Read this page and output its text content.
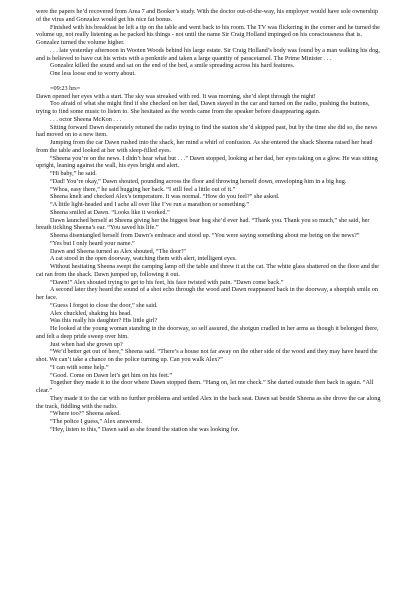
were the papers he’d recovered from Area 7 and Booker’s study. With the doctor out-of-the-way, his employer would have sole ownership of the virus and Gonzalez would get his nice fat bonus.

Finished with his breakfast he left a tip on the table and went back to his room. The TV was flickering in the corner and he turned the volume up, not really listening as he packed his things - not until the name Sir Craig Holland impinged on his consciousness that is. Gonzalez turned the volume higher.

. . . late yesterday afternoon in Wooten Woods behind his large estate. Sir Craig Holland’s body was found by a man walking his dog, and is believed to have cut his wrists with a penknife and taken a large quantity of paracetamol. The Prime Minister . . .

Gonzalez killed the sound and sat on the end of the bed, a smile spreading across his hard features.

One less loose end to worry about.

=09:23 hrs=

Dawn opened her eyes with a start. The sky was streaked with red. It was morning, she’d slept through the night!

Too afraid of what she might find if she checked on her dad, Dawn stayed in the car and turned on the radio, pushing the buttons, trying to find some music to listen to. She hesitated as the words came from the speaker before disappearing again.

. . . octor Sheena McKon . . .

Sitting forward Dawn desperately retuned the radio trying to find the station she’d skipped past, but by the time she did so, the news had moved on to a new item.

Jumping from the car Dawn rushed into the shack, her mind a whirl of confusion. As she entered the shack Sheena raised her head from the table and looked at her with sleep-filled eyes.

“Sheena you’re on the news. I didn’t hear what but . . .” Dawn stopped, looking at her dad, her eyes taking on a glow. He was sitting upright, leaning against the wall, his eyes bright and alert.

“Hi baby,” he said.

“Dad! You’re okay,” Dawn shouted, pounding across the floor and throwing herself down, enveloping him in a big hug.

“Whoa, easy there,” he said hugging her back. “I still feel a little out of it.”

Sheena knelt and checked Alex’s temperature. It was normal. “How do you feel?” she asked.

“A little light-headed and I ache all over like I’ve run a marathon or something.”

Sheena smiled at Dawn. “Looks like it worked.”

Dawn launched herself at Sheena giving her the biggest bear hug she’d ever had. “Thank you. Thank you so much,” she said, her breath tickling Sheena’s ear. “You saved his life.”

Sheena disentangled herself from Dawn’s embrace and stood up. “You were saying something about me being on the news?”

“Yes but I only heard your name.”

Dawn and Sheena turned as Alex shouted, “The door!”

A cat stood in the open doorway, watching them with alert, intelligent eyes.

Without hesitating Sheena swept the camping lamp off the table and threw it at the cat. The white glass shattered on the floor and the cat ran from the shack. Dawn jumped up, following it out.

“Dawn!” Alex shouted trying to get to his feet, his face twisted with pain. “Dawn come back.”

A second later they heard the sound of a shot echo through the wood and Dawn reappeared back in the doorway, a sheepish smile on her face.

“Guess I forgot to close the door,” she said.

Alex chuckled, shaking his head.

Was this really his daughter? His little girl?

He looked at the young woman standing in the doorway, so self assured, the shotgun cradled in her arms as though it belonged there, and felt a deep pride sweep over him.

Just when had she grown up?

“We’d better get out of here,” Sheena said. “There’s a house not far away on the other side of the wood and they may have heard the shot. We can’t take a chance on the police turning up. Can you walk Alex?”

“I can with some help.”

“Good. Come on Dawn let’s get him on his feet.”

Together they made it to the door where Dawn stopped them. “Hang on, let me check.” She darted outside then back in again. “All clear.”

They made it to the car with no further problems and settled Alex in the back seat. Dawn sat beside Sheena as she drove the car along the track, fiddling with the radio.

“Where too?” Sheena asked.

“The police I guess,” Alex answered.

“Hey, listen to this,” Dawn said as she found the station she was looking for.
